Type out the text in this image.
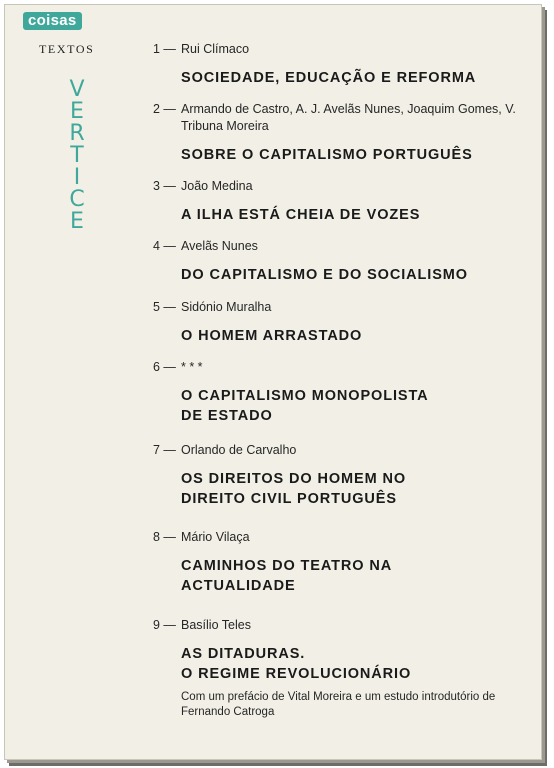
coisas
TEXTOS
V
E
R
T
I
C
E
1 — Rui Clímaco
SOCIEDADE, EDUCAÇÃO E REFORMA
2 — Armando de Castro, A. J. Avelãs Nunes, Joaquim Gomes, V. Tribuna Moreira
SOBRE O CAPITALISMO PORTUGUÊS
3 — João Medina
A ILHA ESTÁ CHEIA DE VOZES
4 — Avelãs Nunes
DO CAPITALISMO E DO SOCIALISMO
5 — Sidónio Muralha
O HOMEM ARRASTADO
6 — * * *
O CAPITALISMO MONOPOLISTA
DE ESTADO
7 — Orlando de Carvalho
OS DIREITOS DO HOMEM NO
DIREITO CIVIL PORTUGUÊS
8 — Mário Vilaça
CAMINHOS DO TEATRO NA
ACTUALIDADE
9 — Basílio Teles
AS DITADURAS.
O REGIME REVOLUCIONÁRIO
Com um prefácio de Vital Moreira e um estudo introdutório de Fernando Catroga
